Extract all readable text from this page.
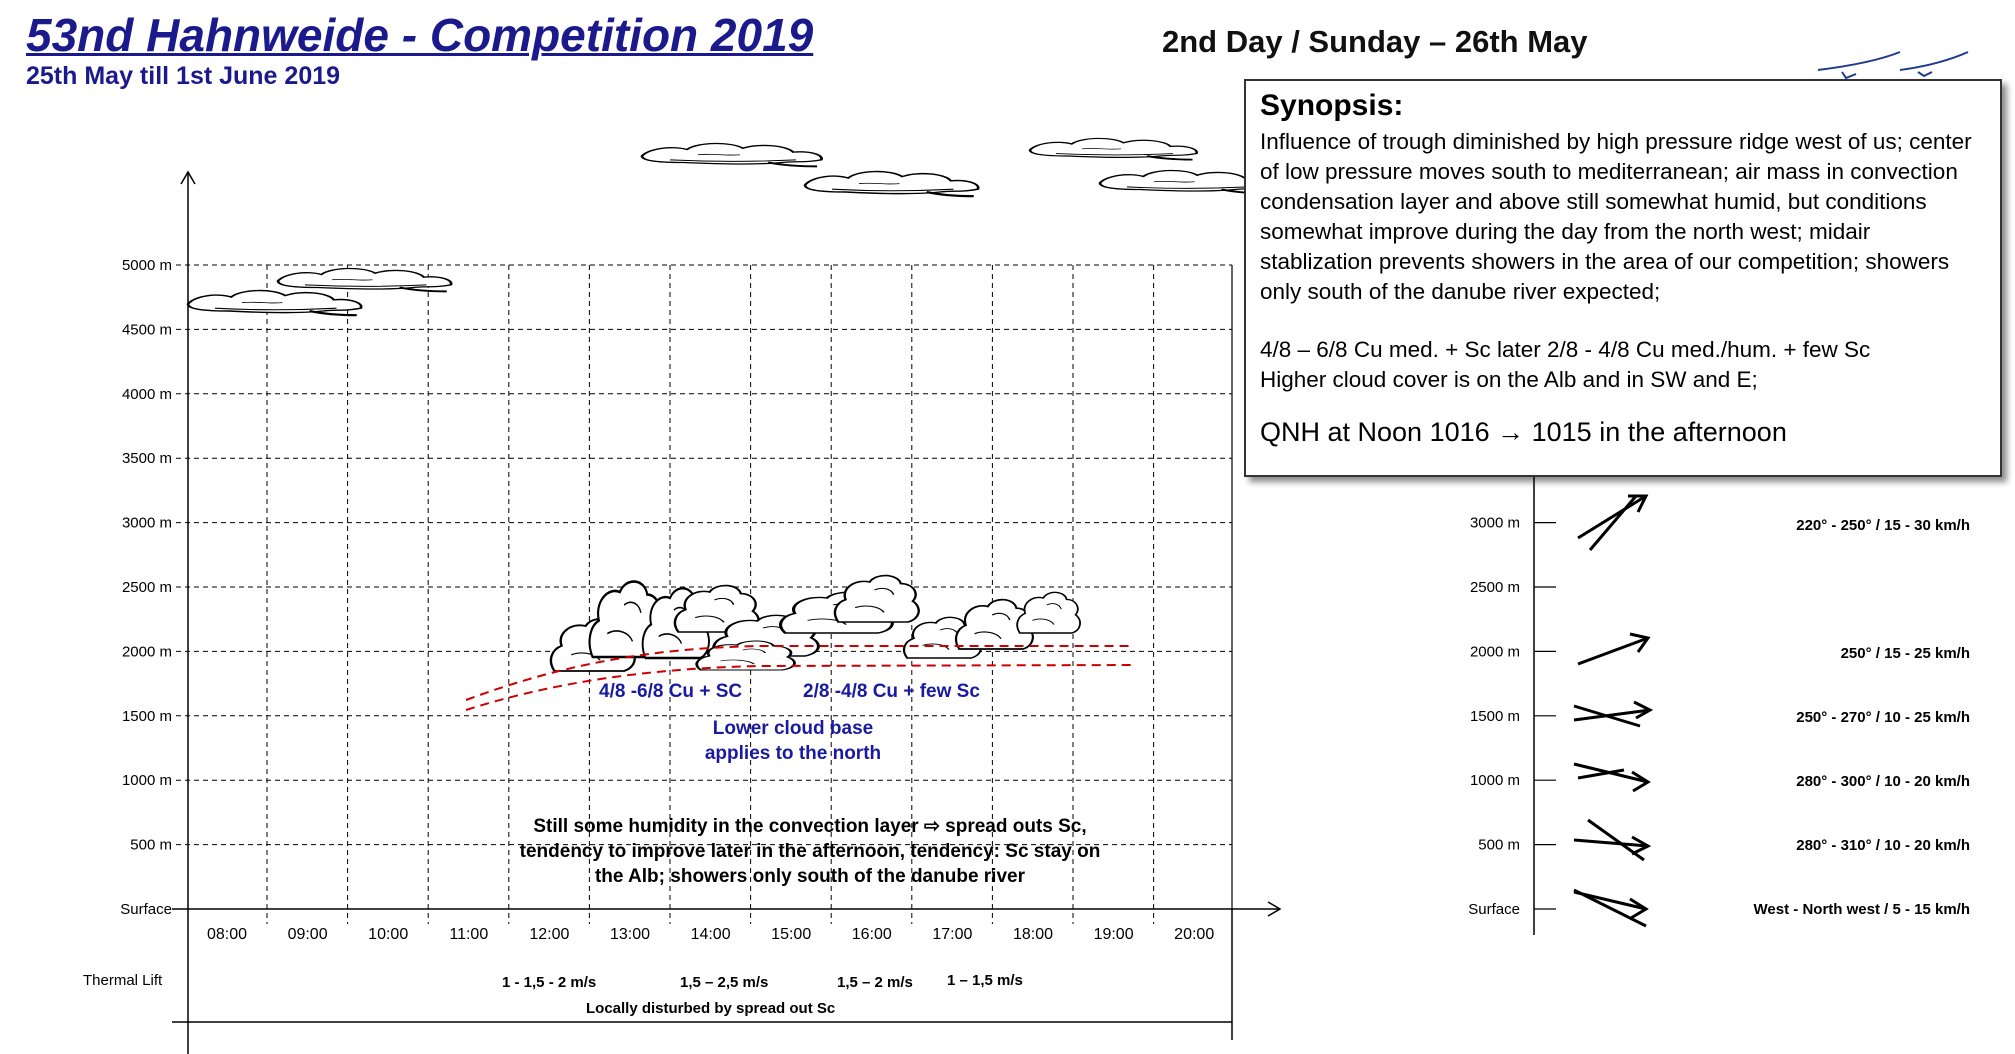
53nd Hahnweide - Competition 2019
25th May till 1st June 2019
2nd Day / Sunday – 26th May
Surface
500 m
1000 m
1500 m
2000 m
2500 m
3000 m
3500 m
4000 m
4500 m
5000 m
08:00	09:00	10:00	11:00	12:00	13:00	14:00	15:00	16:00	17:00	18:00	19:00	20:00
Thermal Lift	1 - 1,5 - 2 m/s	1,5 – 2,5 m/s	1,5 – 2 m/s 1 – 1,5 m/s
Locally disturbed by spread out Sc
4/8 -6/8 Cu + SC	2/8 -4/8 Cu + few Sc
Lower cloud base
applies to the north
Still some humidity in the convection layer ⇨ spread outs Sc,
tendency to improve later in the afternoon, tendency: Sc stay on
the Alb; showers only south of the danube river
Surface
500 m
1000 m
1500 m
2000 m
2500 m
3000 m
West - North west / 5 - 15 km/h
280° - 310° / 10 - 20 km/h
280° - 300° / 10 - 20 km/h
250° - 270° / 10 - 25 km/h
250° / 15 - 25 km/h
220° - 250° / 15 - 30 km/h
Synopsis:
Influence of trough diminished by high pressure ridge west of us; center of low pressure moves south to mediterranean; air mass in convection condensation layer and above still somewhat humid, but conditions somewhat improve during the day from the north west; midair stablization prevents showers in the area of our competition; showers only south of the danube river expected;
4/8 – 6/8 Cu med. + Sc later 2/8 - 4/8 Cu med./hum. + few Sc
Higher cloud cover is on the Alb and in SW and E;
QNH at Noon 1016 → 1015 in the afternoon
